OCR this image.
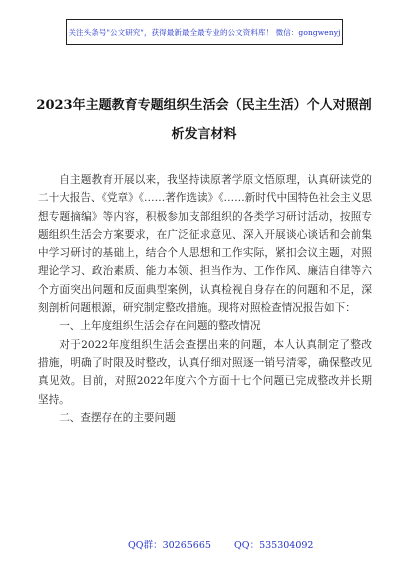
关注头条号"公文研究"，获得最新最全最专业的公文资料库！ 微信：gongwenyj
2023年主题教育专题组织生活会（民主生活）个人对照剖
析发言材料

自主题教育开展以来，我坚持读原著学原文悟原理，认真研读党的二十大报告、《党章》《……著作选读》《……新时代中国特色社会主义思想专题摘编》等内容，积极参加支部组织的各类学习研讨活动，按照专题组织生活会方案要求，在广泛征求意见、深入开展谈心谈话和会前集中学习研讨的基础上，结合个人思想和工作实际，紧扣会议主题，对照理论学习、政治素质、能力本领、担当作为、工作作风、廉洁自律等六个方面突出问题和反面典型案例，认真检视自身存在的问题和不足，深刻剖析问题根源，研究制定整改措施。现将对照检查情况报告如下：

一、上年度组织生活会存在问题的整改情况

对于2022年度组织生活会查摆出来的问题，本人认真制定了整改措施，明确了时限及时整改，认真仔细对照逐一销号清零，确保整改见真见效。目前，对照2022年度六个方面十七个问题已完成整改并长期坚持。

二、查摆存在的主要问题
QQ群：30265665 QQ：535304092
